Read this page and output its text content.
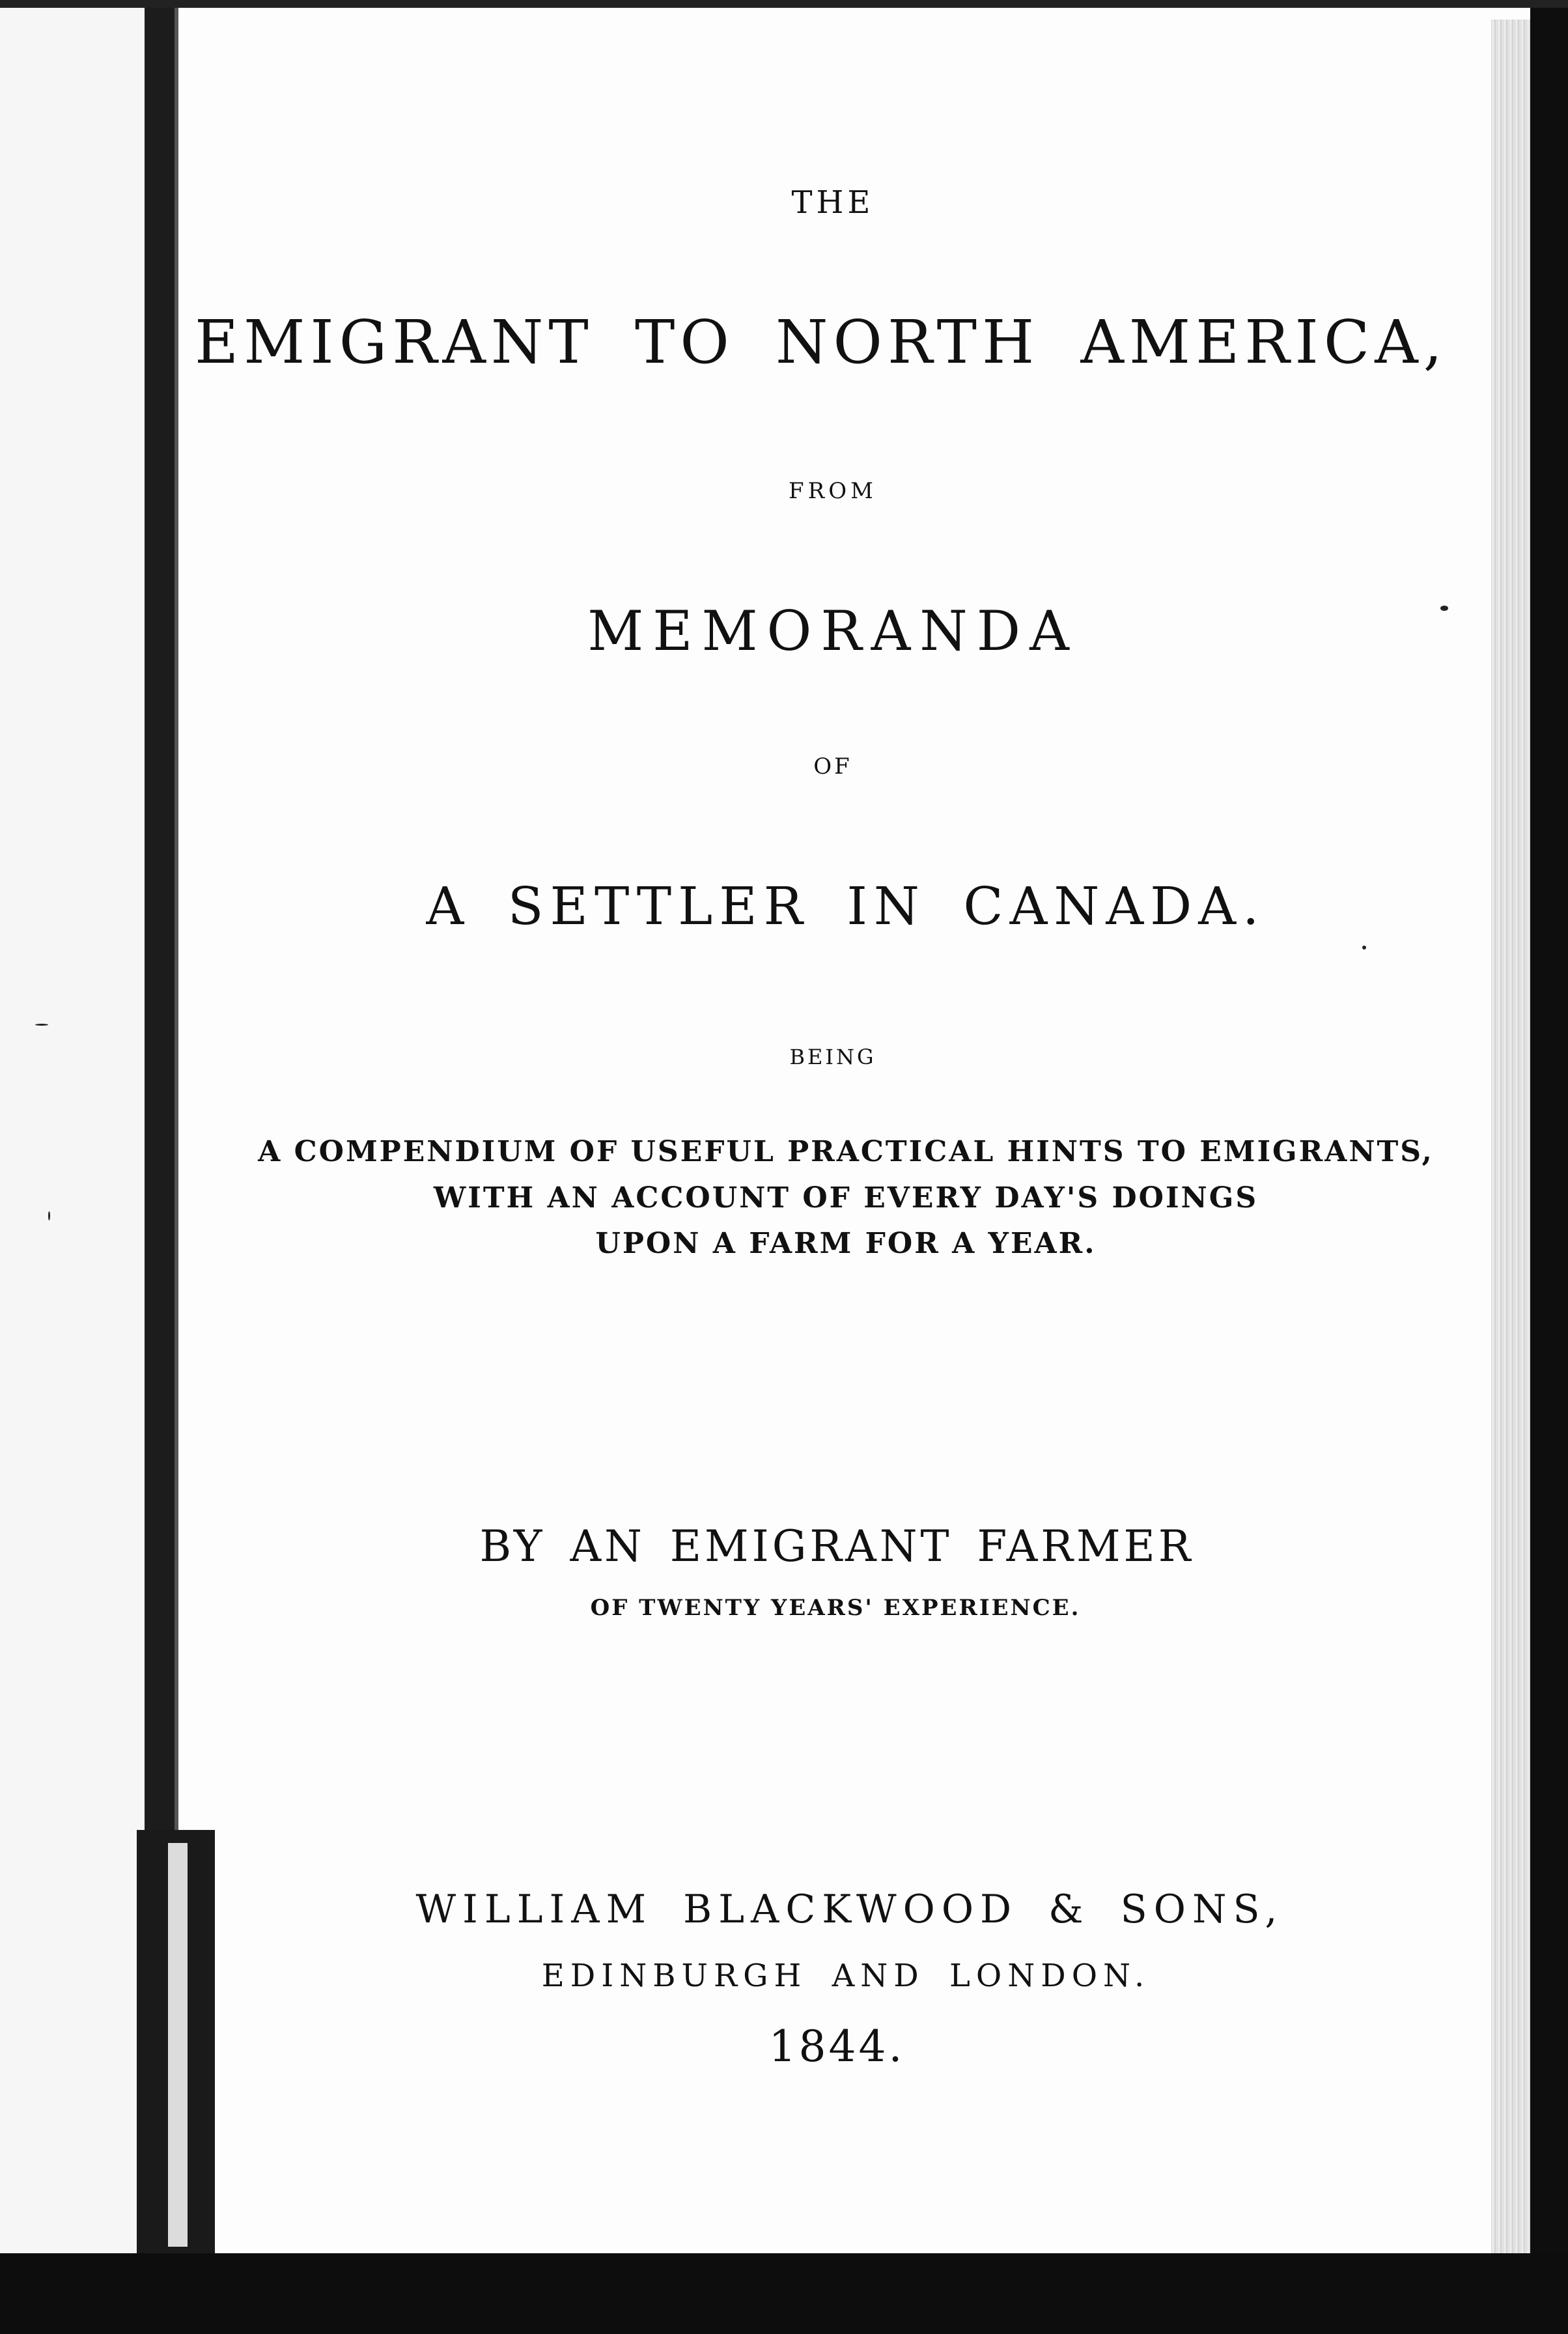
THE
EMIGRANT TO NORTH AMERICA,
FROM
MEMORANDA
OF
A SETTLER IN CANADA.
BEING
A COMPENDIUM OF USEFUL PRACTICAL HINTS TO EMIGRANTS,
WITH AN ACCOUNT OF EVERY DAY'S DOINGS
UPON A FARM FOR A YEAR.
BY AN EMIGRANT FARMER
OF TWENTY YEARS' EXPERIENCE.
WILLIAM BLACKWOOD & SONS,
EDINBURGH AND LONDON.
1844.
